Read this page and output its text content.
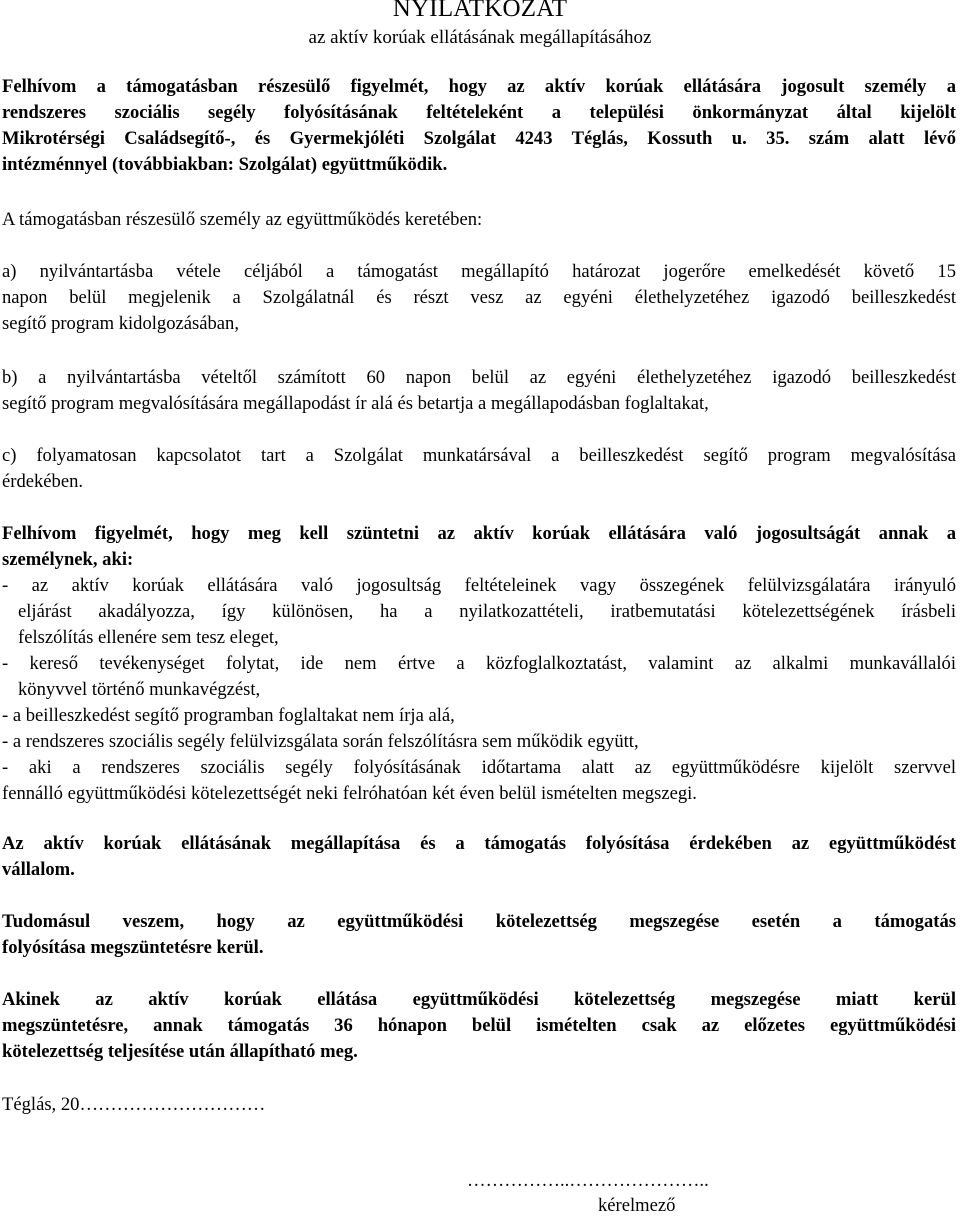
NYILATKOZAT
az aktív korúak ellátásának megállapításához
Felhívom a támogatásban részesülő figyelmét, hogy az aktív korúak ellátására jogosult személy a
rendszeres szociális segély folyósításának feltételeként a települési önkormányzat által kijelölt
Mikrotérségi Családsegítő-, és Gyermekjóléti Szolgálat 4243 Téglás, Kossuth u. 35. szám alatt lévő
intézménnyel (továbbiakban: Szolgálat) együttműködik.
A támogatásban részesülő személy az együttműködés keretében:
a) nyilvántartásba vétele céljából a támogatást megállapító határozat jogerőre emelkedését követő 15
napon belül megjelenik a Szolgálatnál és részt vesz az egyéni élethelyzetéhez igazodó beilleszkedést
segítő program kidolgozásában,
b) a nyilvántartásba vételtől számított 60 napon belül az egyéni élethelyzetéhez igazodó beilleszkedést
segítő program megvalósítására megállapodást ír alá és betartja a megállapodásban foglaltakat,
c) folyamatosan kapcsolatot tart a Szolgálat munkatársával a beilleszkedést segítő program megvalósítása
érdekében.
Felhívom figyelmét, hogy meg kell szüntetni az aktív korúak ellátására való jogosultságát annak a
személynek, aki:
- az aktív korúak ellátására való jogosultság feltételeinek vagy összegének felülvizsgálatára irányuló
eljárást akadályozza, így különösen, ha a nyilatkozattételi, iratbemutatási kötelezettségének írásbeli
felszólítás ellenére sem tesz eleget,
- kereső tevékenységet folytat, ide nem értve a közfoglalkoztatást, valamint az alkalmi munkavállalói
könyvvel történő munkavégzést,
- a beilleszkedést segítő programban foglaltakat nem írja alá,
- a rendszeres szociális segély felülvizsgálata során felszólításra sem működik együtt,
- aki a rendszeres szociális segély folyósításának időtartama alatt az együttműködésre kijelölt szervvel
fennálló együttműködési kötelezettségét neki felróhatóan két éven belül ismételten megszegi.
Az aktív korúak ellátásának megállapítása és a támogatás folyósítása érdekében az együttműködést
vállalom.
Tudomásul veszem, hogy az együttműködési kötelezettség megszegése esetén a támogatás
folyósítása megszüntetésre kerül.
Akinek az aktív korúak ellátása együttműködési kötelezettség megszegése miatt kerül
megszüntetésre, annak támogatás 36 hónapon belül ismételten csak az előzetes együttműködési
kötelezettség teljesítése után állapítható meg.
Téglás, 20…………………………
……………..…………………..
kérelmező
